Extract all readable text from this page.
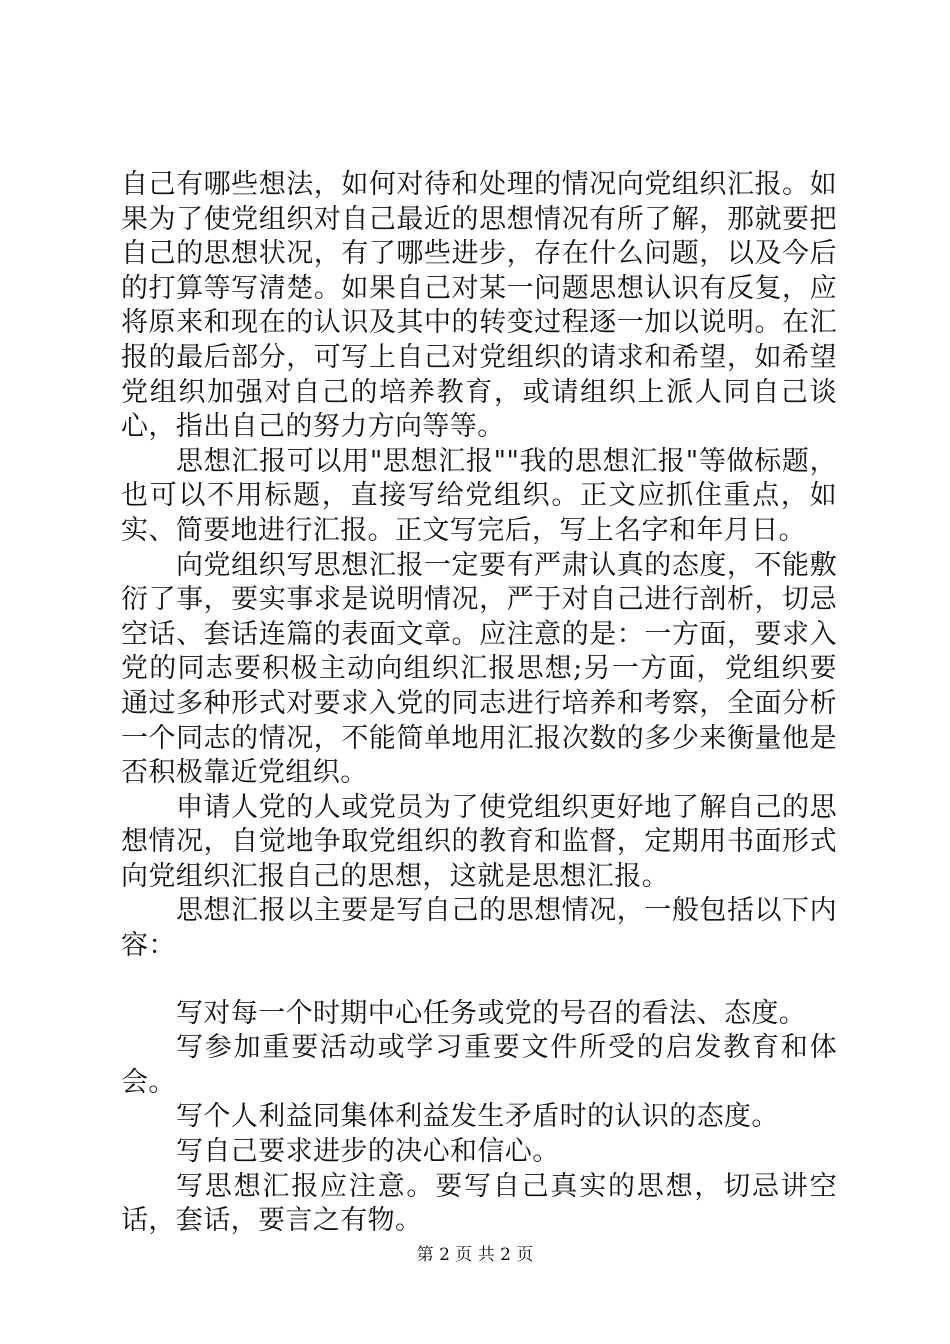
自己有哪些想法，如何对待和处理的情况向党组织汇报。如果为了使党组织对自己最近的思想情况有所了解，那就要把自己的思想状况，有了哪些进步，存在什么问题，以及今后的打算等写清楚。如果自己对某一问题思想认识有反复，应将原来和现在的认识及其中的转变过程逐一加以说明。在汇报的最后部分，可写上自己对党组织的请求和希望，如希望党组织加强对自己的培养教育，或请组织上派人同自己谈心，指出自己的努力方向等等。

思想汇报可以用"思想汇报""我的思想汇报"等做标题，也可以不用标题，直接写给党组织。正文应抓住重点，如实、简要地进行汇报。正文写完后，写上名字和年月日。

向党组织写思想汇报一定要有严肃认真的态度，不能敷衍了事，要实事求是说明情况，严于对自己进行剖析，切忌空话、套话连篇的表面文章。应注意的是：一方面，要求入党的同志要积极主动向组织汇报思想;另一方面，党组织要通过多种形式对要求入党的同志进行培养和考察，全面分析一个同志的情况，不能简单地用汇报次数的多少来衡量他是否积极靠近党组织。

申请人党的人或党员为了使党组织更好地了解自己的思想情况，自觉地争取党组织的教育和监督，定期用书面形式向党组织汇报自己的思想，这就是思想汇报。

思想汇报以主要是写自己的思想情况，一般包括以下内容：

写对每一个时期中心任务或党的号召的看法、态度。

写参加重要活动或学习重要文件所受的启发教育和体会。

写个人利益同集体利益发生矛盾时的认识的态度。

写自己要求进步的决心和信心。

写思想汇报应注意。要写自己真实的思想，切忌讲空话，套话，要言之有物。

第 2 页 共 2 页
